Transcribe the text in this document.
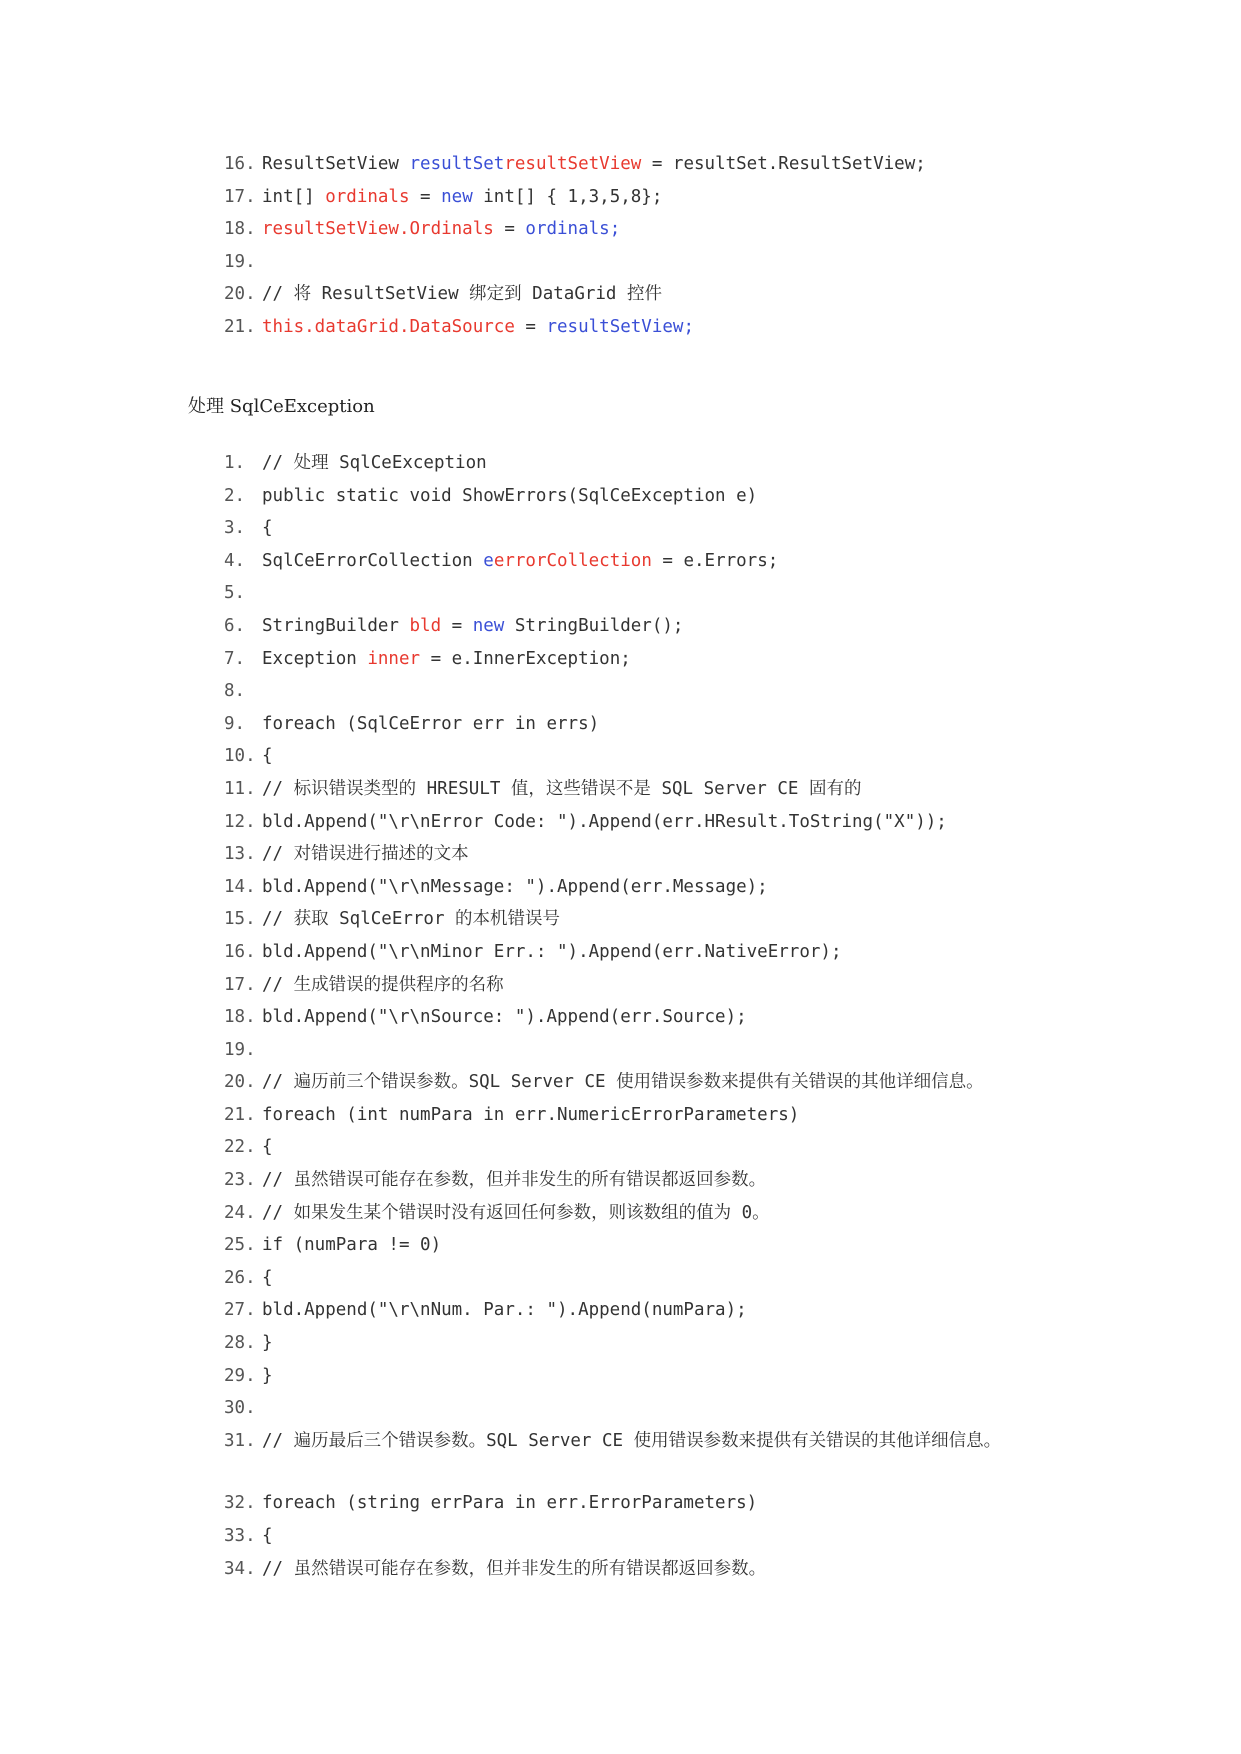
16. ResultSetView resultSetresultSetView = resultSet.ResultSetView;
17. int[] ordinals = new int[] { 1,3,5,8};
18. resultSetView.Ordinals = ordinals;
19.
20. // 将 ResultSetView 绑定到 DataGrid 控件
21. this.dataGrid.DataSource = resultSetView;
处理 SqlCeException
1. // 处理 SqlCeException
2. public static void ShowErrors(SqlCeException e)
3. {
4. SqlCeErrorCollection eerrorCollection = e.Errors;
5.
6. StringBuilder bld = new StringBuilder();
7. Exception inner = e.InnerException;
8.
9. foreach (SqlCeError err in errs)
10. {
11. // 标识错误类型的 HRESULT 值，这些错误不是 SQL Server CE 固有的
12. bld.Append("\r\nError Code: ").Append(err.HResult.ToString("X"));
13. // 对错误进行描述的文本
14. bld.Append("\r\nMessage: ").Append(err.Message);
15. // 获取 SqlCeError 的本机错误号
16. bld.Append("\r\nMinor Err.: ").Append(err.NativeError);
17. // 生成错误的提供程序的名称
18. bld.Append("\r\nSource: ").Append(err.Source);
19.
20. // 遍历前三个错误参数。SQL Server CE 使用错误参数来提供有关错误的其他详细信息。
21. foreach (int numPara in err.NumericErrorParameters)
22. {
23. // 虽然错误可能存在参数，但并非发生的所有错误都返回参数。
24. // 如果发生某个错误时没有返回任何参数，则该数组的值为 0。
25. if (numPara != 0)
26. {
27. bld.Append("\r\nNum. Par.: ").Append(numPara);
28. }
29. }
30.
31. // 遍历最后三个错误参数。SQL Server CE 使用错误参数来提供有关错误的其他详细信息。
32. foreach (string errPara in err.ErrorParameters)
33. {
34. // 虽然错误可能存在参数，但并非发生的所有错误都返回参数。
